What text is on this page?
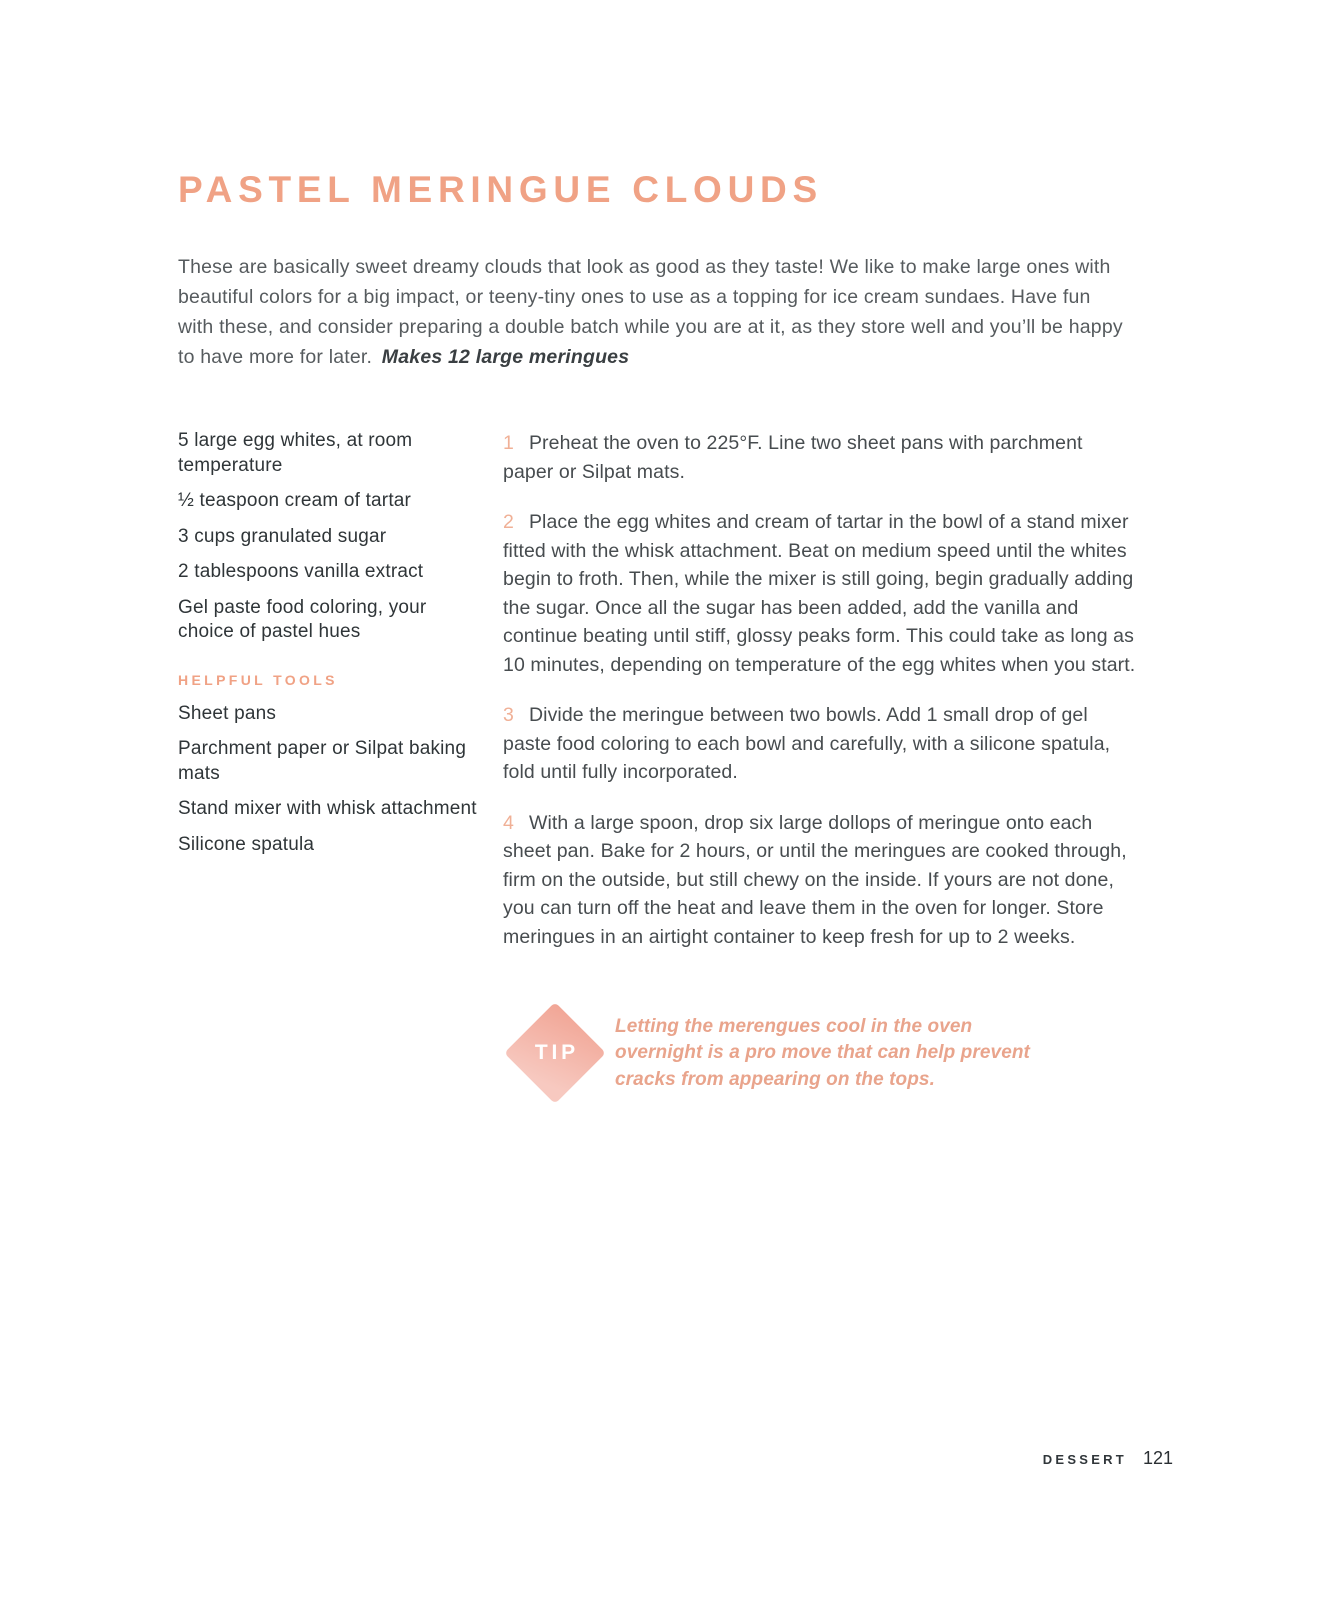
PASTEL MERINGUE CLOUDS

These are basically sweet dreamy clouds that look as good as they taste! We like to make large ones with beautiful colors for a big impact, or teeny-tiny ones to use as a topping for ice cream sundaes. Have fun with these, and consider preparing a double batch while you are at it, as they store well and you’ll be happy to have more for later. Makes 12 large meringues

5 large egg whites, at room temperature
½ teaspoon cream of tartar
3 cups granulated sugar
2 tablespoons vanilla extract
Gel paste food coloring, your choice of pastel hues
HELPFUL TOOLS
Sheet pans
Parchment paper or Silpat baking mats
Stand mixer with whisk attachment
Silicone spatula

1 Preheat the oven to 225°F. Line two sheet pans with parchment paper or Silpat mats.

2 Place the egg whites and cream of tartar in the bowl of a stand mixer fitted with the whisk attachment. Beat on medium speed until the whites begin to froth. Then, while the mixer is still going, begin gradually adding the sugar. Once all the sugar has been added, add the vanilla and continue beating until stiff, glossy peaks form. This could take as long as 10 minutes, depending on temperature of the egg whites when you start.

3 Divide the meringue between two bowls. Add 1 small drop of gel paste food coloring to each bowl and carefully, with a silicone spatula, fold until fully incorporated.

4 With a large spoon, drop six large dollops of meringue onto each sheet pan. Bake for 2 hours, or until the meringues are cooked through, firm on the outside, but still chewy on the inside. If yours are not done, you can turn off the heat and leave them in the oven for longer. Store meringues in an airtight container to keep fresh for up to 2 weeks.

TIP

Letting the merengues cool in the oven overnight is a pro move that can help prevent cracks from appearing on the tops.

DESSERT 121
